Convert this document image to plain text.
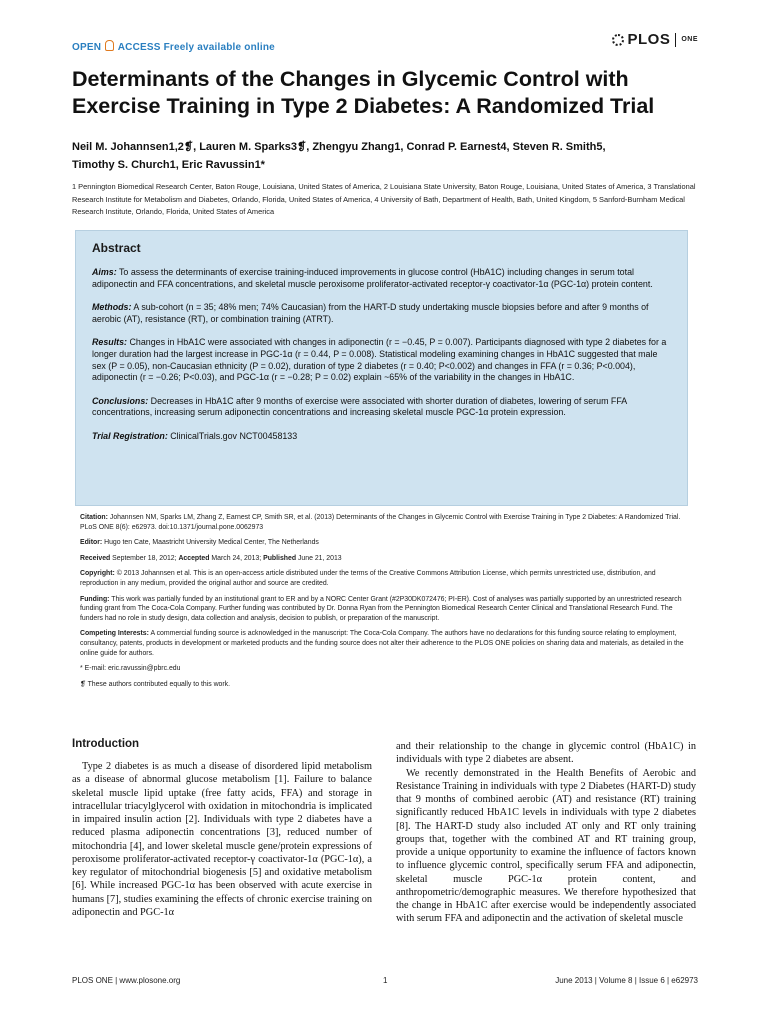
OPEN ACCESS Freely available online	PLOS ONE
Determinants of the Changes in Glycemic Control with Exercise Training in Type 2 Diabetes: A Randomized Trial
Neil M. Johannsen1,2❡, Lauren M. Sparks3❡, Zhengyu Zhang1, Conrad P. Earnest4, Steven R. Smith5,
Timothy S. Church1, Eric Ravussin1*
1 Pennington Biomedical Research Center, Baton Rouge, Louisiana, United States of America, 2 Louisiana State University, Baton Rouge, Louisiana, United States of America, 3 Translational Research Institute for Metabolism and Diabetes, Orlando, Florida, United States of America, 4 University of Bath, Department of Health, Bath, United Kingdom, 5 Sanford-Burnham Medical Research Institute, Orlando, Florida, United States of America
Abstract
Aims: To assess the determinants of exercise training-induced improvements in glucose control (HbA1C) including changes in serum total adiponectin and FFA concentrations, and skeletal muscle peroxisome proliferator-activated receptor-γ coactivator-1α (PGC-1α) protein content.
Methods: A sub-cohort (n = 35; 48% men; 74% Caucasian) from the HART-D study undertaking muscle biopsies before and after 9 months of aerobic (AT), resistance (RT), or combination training (ATRT).
Results: Changes in HbA1C were associated with changes in adiponectin (r = −0.45, P = 0.007). Participants diagnosed with type 2 diabetes for a longer duration had the largest increase in PGC-1α (r = 0.44, P = 0.008). Statistical modeling examining changes in HbA1C suggested that male sex (P = 0.05), non-Caucasian ethnicity (P = 0.02), duration of type 2 diabetes (r = 0.40; P<0.002) and changes in FFA (r = 0.36; P<0.004), adiponectin (r = −0.26; P<0.03), and PGC-1α (r = −0.28; P = 0.02) explain ~65% of the variability in the changes in HbA1C.
Conclusions: Decreases in HbA1C after 9 months of exercise were associated with shorter duration of diabetes, lowering of serum FFA concentrations, increasing serum adiponectin concentrations and increasing skeletal muscle PGC-1α protein expression.
Trial Registration: ClinicalTrials.gov NCT00458133

Citation: Johannsen NM, Sparks LM, Zhang Z, Earnest CP, Smith SR, et al. (2013) Determinants of the Changes in Glycemic Control with Exercise Training in Type 2 Diabetes: A Randomized Trial. PLoS ONE 8(6): e62973. doi:10.1371/journal.pone.0062973

Editor: Hugo ten Cate, Maastricht University Medical Center, The Netherlands

Received September 18, 2012; Accepted March 24, 2013; Published June 21, 2013

Copyright: © 2013 Johannsen et al. This is an open-access article distributed under the terms of the Creative Commons Attribution License, which permits unrestricted use, distribution, and reproduction in any medium, provided the original author and source are credited.

Funding: This work was partially funded by an institutional grant to ER and by a NORC Center Grant (#2P30DK072476; PI-ER). Cost of analyses was partially supported by an unrestricted research funding grant from The Coca-Cola Company. Further funding was contributed by Dr. Donna Ryan from the Pennington Biomedical Research Center Clinical and Translational Research Fund. The funders had no role in study design, data collection and analysis, decision to publish, or preparation of the manuscript.

Competing Interests: A commercial funding source is acknowledged in the manuscript: The Coca-Cola Company. The authors have no declarations for this funding source relating to employment, consultancy, patents, products in development or marketed products and the funding source does not alter their adherence to the PLOS ONE policies on sharing data and materials, as detailed in the online guide for authors.

* E-mail: eric.ravussin@pbrc.edu

❡ These authors contributed equally to this work.

Introduction
Type 2 diabetes is as much a disease of disordered lipid metabolism as a disease of abnormal glucose metabolism [1]. Failure to balance skeletal muscle lipid uptake (free fatty acids, FFA) and storage in intracellular triacylglycerol with oxidation in mitochondria is implicated in impaired insulin action [2]. Individuals with type 2 diabetes have a reduced plasma adiponectin concentrations [3], reduced number of mitochondria [4], and lower skeletal muscle gene/protein expressions of peroxisome proliferator-activated receptor-γ coactivator-1α (PGC-1α), a key regulator of mitochondrial biogenesis [5] and oxidative metabolism [6]. While increased PGC-1α has been observed with acute exercise in humans [7], studies examining the effects of chronic exercise training on adiponectin and PGC-1α
and their relationship to the change in glycemic control (HbA1C) in individuals with type 2 diabetes are absent.
We recently demonstrated in the Health Benefits of Aerobic and Resistance Training in individuals with type 2 Diabetes (HART-D) study that 9 months of combined aerobic (AT) and resistance (RT) training significantly reduced HbA1C levels in individuals with type 2 diabetes [8]. The HART-D study also included AT only and RT only training groups that, together with the combined AT and RT training group, provide a unique opportunity to examine the influence of factors known to influence glycemic control, specifically serum FFA and adiponectin, skeletal muscle PGC-1α protein content, and anthropometric/demographic measures. We therefore hypothesized that the change in HbA1C after exercise would be independently associated with serum FFA and adiponectin and the activation of skeletal muscle
PLOS ONE | www.plosone.org	1	June 2013 | Volume 8 | Issue 6 | e62973
